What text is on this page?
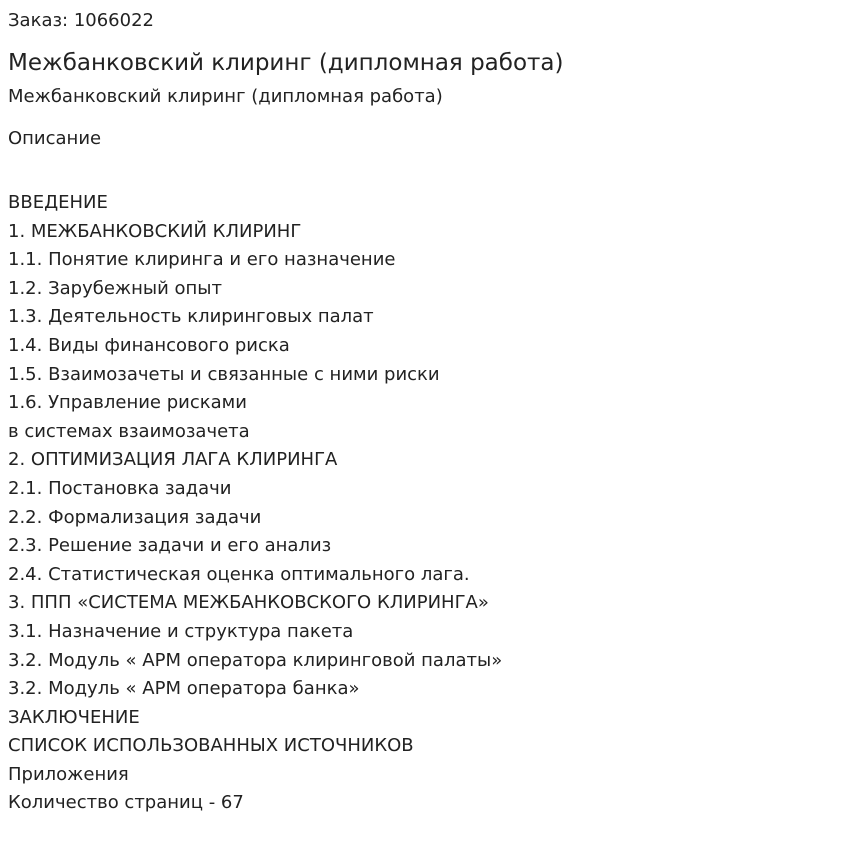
Заказ: 1066022
Межбанковский клиринг (дипломная работа)
Межбанковский клиринг (дипломная работа)
Описание
ВВЕДЕНИЕ
1. МЕЖБАНКОВСКИЙ КЛИРИНГ
1.1. Понятие клиринга и его назначение
1.2. Зарубежный опыт
1.3. Деятельность клиринговых палат
1.4. Виды финансового риска
1.5. Взаимозачеты и связанные с ними риски
1.6. Управление рисками
в системах взаимозачета
2. ОПТИМИЗАЦИЯ ЛАГА КЛИРИНГА
2.1. Постановка задачи
2.2. Формализация задачи
2.3. Решение задачи и его анализ
2.4. Статистическая оценка оптимального лага.
3. ППП «СИСТЕМА МЕЖБАНКОВСКОГО КЛИРИНГА»
3.1. Назначение и структура пакета
3.2. Модуль « АРМ оператора клиринговой палаты»
3.2. Модуль « АРМ оператора банка»
ЗАКЛЮЧЕНИЕ
СПИСОК ИСПОЛЬЗОВАННЫХ ИСТОЧНИКОВ
Приложения
Количество страниц - 67
